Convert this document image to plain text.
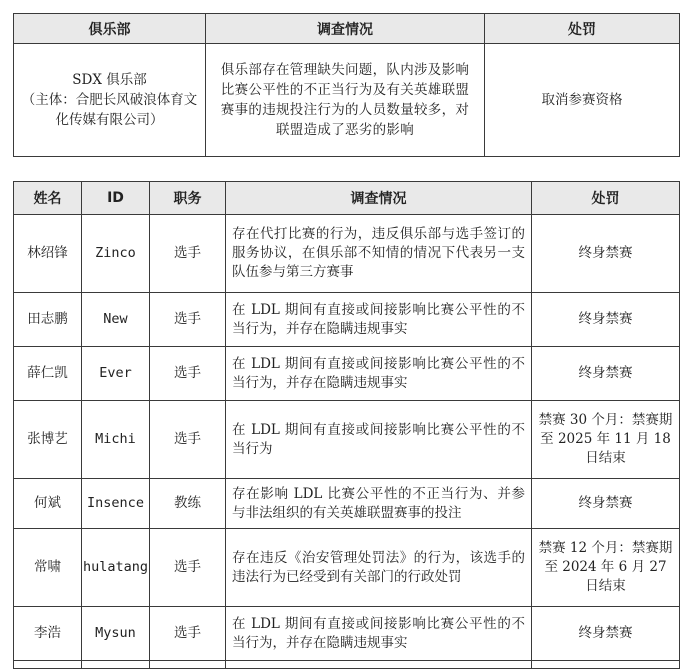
俱乐部	调查情况	处罚

SDX 俱乐部
（主体：合肥长风破浪体育文化传媒有限公司）	俱乐部存在管理缺失问题，队内涉及影响比赛公平性的不正当行为及有关英雄联盟赛事的违规投注行为的人员数量较多，对联盟造成了恶劣的影响	取消参赛资格
姓名	ID	职务	调查情况	处罚
林绍锋	Zinco	选手	存在代打比赛的行为，违反俱乐部与选手签订的服务协议，在俱乐部不知情的情况下代表另一支队伍参与第三方赛事	终身禁赛
田志鹏	New	选手	在 LDL 期间有直接或间接影响比赛公平性的不当行为，并存在隐瞒违规事实	终身禁赛
薛仁凯	Ever	选手	在 LDL 期间有直接或间接影响比赛公平性的不当行为，并存在隐瞒违规事实	终身禁赛
张博艺	Michi	选手	在 LDL 期间有直接或间接影响比赛公平性的不当行为	禁赛 30 个月：禁赛期至 2025 年 11 月 18 日结束
何斌	Insence	教练	存在影响 LDL 比赛公平性的不正当行为、并参与非法组织的有关英雄联盟赛事的投注	终身禁赛
常啸	hulatang	选手	存在违反《治安管理处罚法》的行为，该选手的违法行为已经受到有关部门的行政处罚	禁赛 12 个月：禁赛期至 2024 年 6 月 27 日结束
李浩	Mysun	选手	在 LDL 期间有直接或间接影响比赛公平性的不当行为，并存在隐瞒违规事实	终身禁赛
